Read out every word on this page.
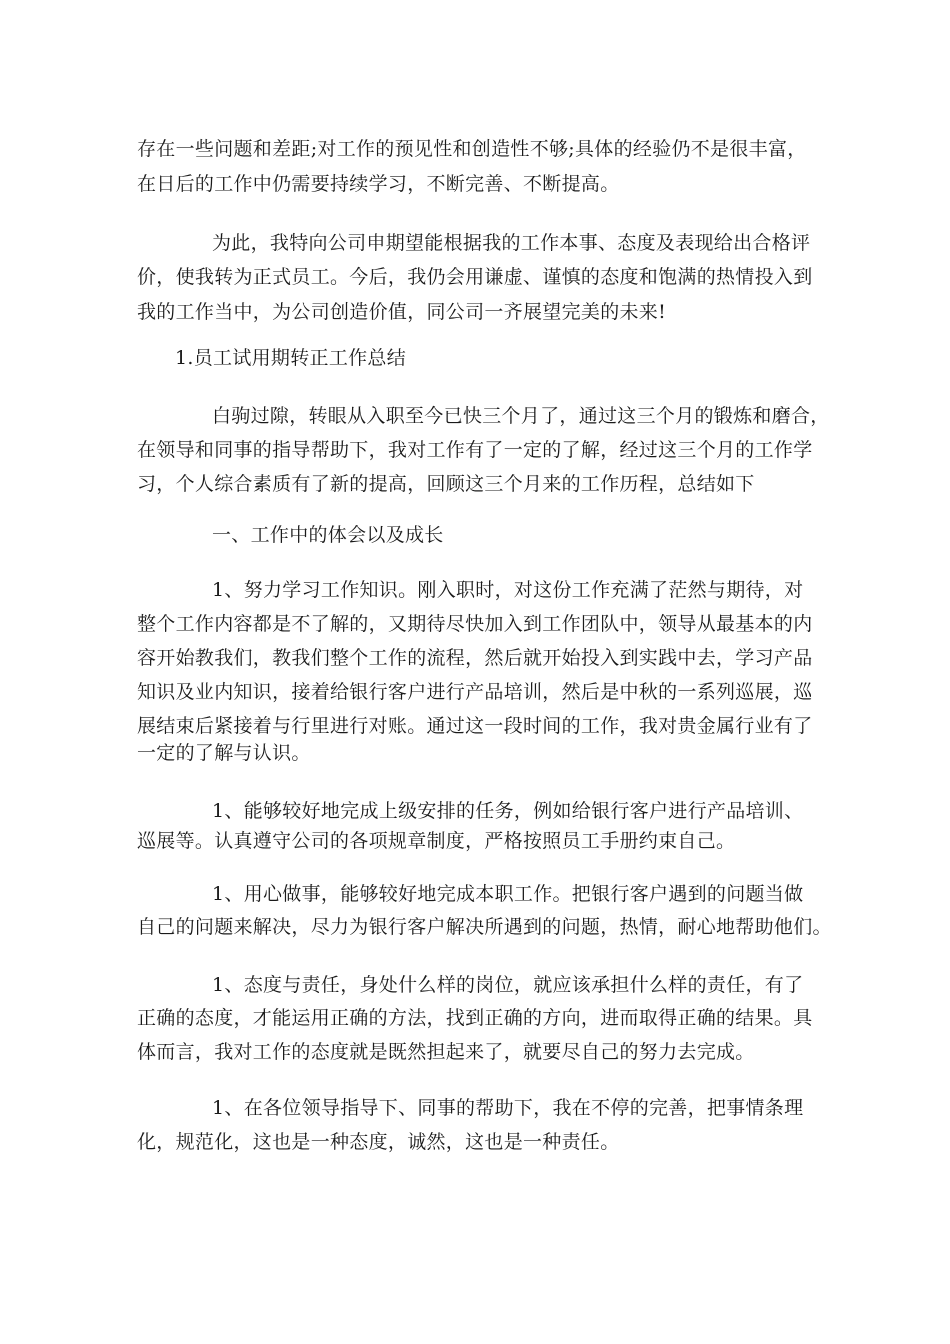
存在一些问题和差距;对工作的预见性和创造性不够;具体的经验仍不是很丰富，
在日后的工作中仍需要持续学习，不断完善、不断提高。
为此，我特向公司申期望能根据我的工作本事、态度及表现给出合格评
价，使我转为正式员工。今后，我仍会用谦虚、谨慎的态度和饱满的热情投入到
我的工作当中，为公司创造价值，同公司一齐展望完美的未来!
1.员工试用期转正工作总结
白驹过隙，转眼从入职至今已快三个月了，通过这三个月的锻炼和磨合，
在领导和同事的指导帮助下，我对工作有了一定的了解，经过这三个月的工作学
习，个人综合素质有了新的提高，回顾这三个月来的工作历程，总结如下
一、工作中的体会以及成长
1、努力学习工作知识。刚入职时，对这份工作充满了茫然与期待，对
整个工作内容都是不了解的，又期待尽快加入到工作团队中，领导从最基本的内
容开始教我们，教我们整个工作的流程，然后就开始投入到实践中去，学习产品
知识及业内知识，接着给银行客户进行产品培训，然后是中秋的一系列巡展，巡
展结束后紧接着与行里进行对账。通过这一段时间的工作，我对贵金属行业有了
一定的了解与认识。
1、能够较好地完成上级安排的任务，例如给银行客户进行产品培训、
巡展等。认真遵守公司的各项规章制度，严格按照员工手册约束自己。
1、用心做事，能够较好地完成本职工作。把银行客户遇到的问题当做
自己的问题来解决，尽力为银行客户解决所遇到的问题，热情，耐心地帮助他们。
1、态度与责任，身处什么样的岗位，就应该承担什么样的责任，有了
正确的态度，才能运用正确的方法，找到正确的方向，进而取得正确的结果。具
体而言，我对工作的态度就是既然担起来了，就要尽自己的努力去完成。
1、在各位领导指导下、同事的帮助下，我在不停的完善，把事情条理
化，规范化，这也是一种态度，诚然，这也是一种责任。
